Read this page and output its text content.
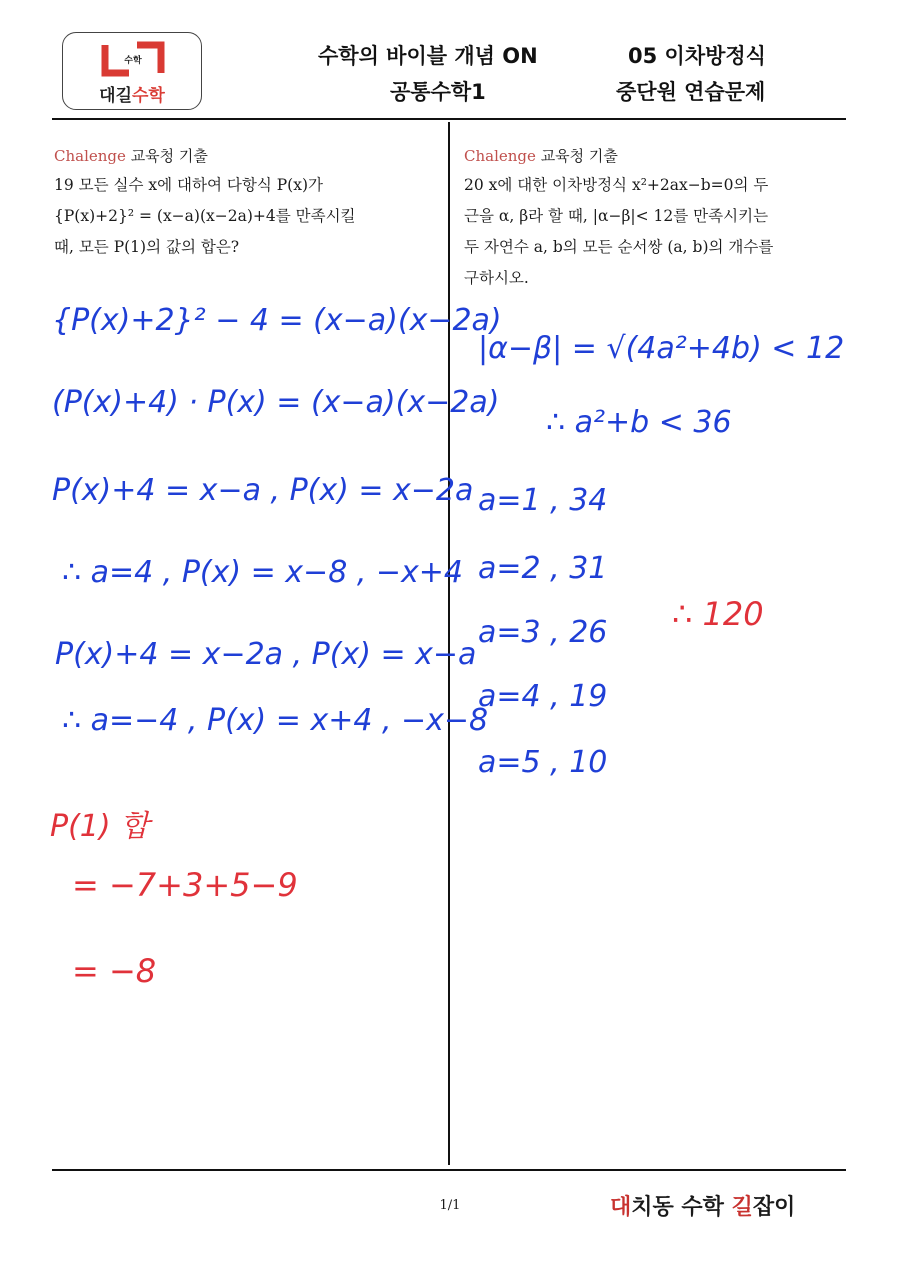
수학
대길수학
수학의 바이블 개념 ON
공통수학1
05 이차방정식
중단원 연습문제
Chalenge 교육청 기출
19 모든 실수 x에 대하여 다항식 P(x)가
{P(x)+2}² = (x−a)(x−2a)+4를 만족시킬
때, 모든 P(1)의 값의 합은?
Chalenge 교육청 기출
20 x에 대한 이차방정식 x²+2ax−b=0의 두
근을 α, β라 할 때, |α−β|< 12를 만족시키는
두 자연수 a, b의 모든 순서쌍 (a, b)의 개수를
구하시오.
{P(x)+2}² − 4 = (x−a)(x−2a)
(P(x)+4) · P(x) = (x−a)(x−2a)
P(x)+4 = x−a , P(x) = x−2a
∴ a=4 , P(x) = x−8 , −x+4
P(x)+4 = x−2a , P(x) = x−a
∴ a=−4 , P(x) = x+4 , −x−8
|α−β| = √(4a²+4b) < 12
∴ a²+b < 36
a=1 , 34
a=2 , 31
a=3 , 26
a=4 , 19
a=5 , 10
P(1) 합
= −7+3+5−9
= −8
∴ 120
1/1	대치동 수학 길잡이
